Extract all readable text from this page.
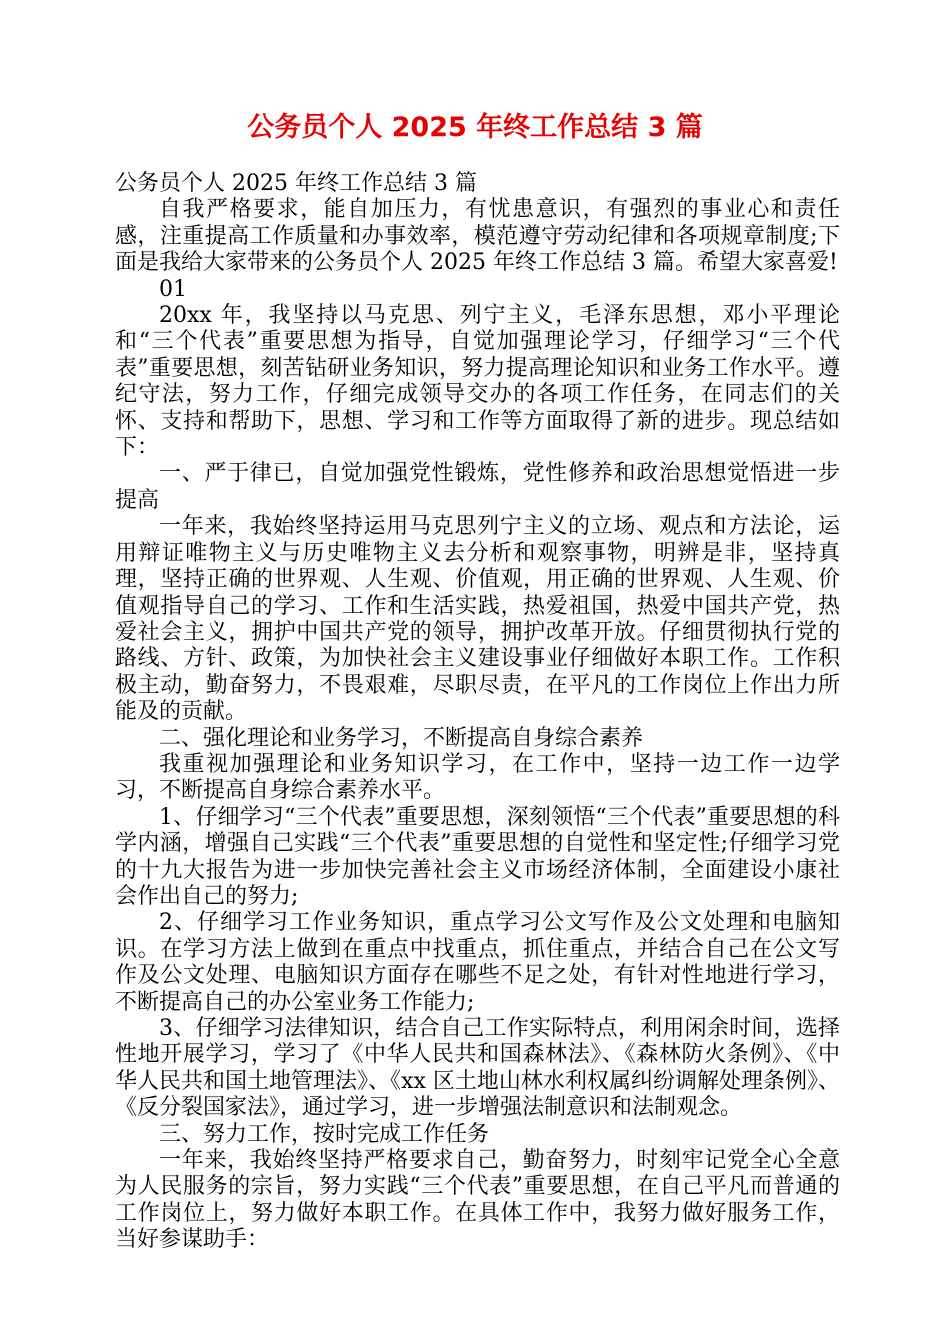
公务员个人 2025 年终工作总结 3 篇

公务员个人 2025 年终工作总结 3 篇

自我严格要求，能自加压力，有忧患意识，有强烈的事业心和责任感，注重提高工作质量和办事效率，模范遵守劳动纪律和各项规章制度;下面是我给大家带来的公务员个人 2025 年终工作总结 3 篇。希望大家喜爱!

01

20xx 年，我坚持以马克思、列宁主义，毛泽东思想，邓小平理论和“三个代表”重要思想为指导，自觉加强理论学习，仔细学习“三个代表”重要思想，刻苦钻研业务知识，努力提高理论知识和业务工作水平。遵纪守法，努力工作，仔细完成领导交办的各项工作任务，在同志们的关怀、支持和帮助下，思想、学习和工作等方面取得了新的进步。现总结如下：

一、严于律已，自觉加强党性锻炼，党性修养和政治思想觉悟进一步提高

一年来，我始终坚持运用马克思列宁主义的立场、观点和方法论，运用辩证唯物主义与历史唯物主义去分析和观察事物，明辨是非，坚持真理，坚持正确的世界观、人生观、价值观，用正确的世界观、人生观、价值观指导自己的学习、工作和生活实践，热爱祖国，热爱中国共产党，热爱社会主义，拥护中国共产党的领导，拥护改革开放。仔细贯彻执行党的路线、方针、政策，为加快社会主义建设事业仔细做好本职工作。工作积极主动，勤奋努力，不畏艰难，尽职尽责，在平凡的工作岗位上作出力所能及的贡献。

二、强化理论和业务学习，不断提高自身综合素养

我重视加强理论和业务知识学习，在工作中，坚持一边工作一边学习，不断提高自身综合素养水平。

1、仔细学习“三个代表”重要思想，深刻领悟“三个代表”重要思想的科学内涵，增强自己实践“三个代表”重要思想的自觉性和坚定性;仔细学习党的十九大报告为进一步加快完善社会主义市场经济体制，全面建设小康社会作出自己的努力;

2、仔细学习工作业务知识，重点学习公文写作及公文处理和电脑知识。在学习方法上做到在重点中找重点，抓住重点，并结合自己在公文写作及公文处理、电脑知识方面存在哪些不足之处，有针对性地进行学习，不断提高自己的办公室业务工作能力;

3、仔细学习法律知识，结合自己工作实际特点，利用闲余时间，选择性地开展学习，学习了《中华人民共和国森林法》、《森林防火条例》、《中华人民共和国土地管理法》、《xx 区土地山林水利权属纠纷调解处理条例》、《反分裂国家法》，通过学习，进一步增强法制意识和法制观念。

三、努力工作，按时完成工作任务

一年来，我始终坚持严格要求自己，勤奋努力，时刻牢记党全心全意为人民服务的宗旨，努力实践“三个代表”重要思想，在自己平凡而普通的工作岗位上，努力做好本职工作。在具体工作中，我努力做好服务工作，当好参谋助手：
